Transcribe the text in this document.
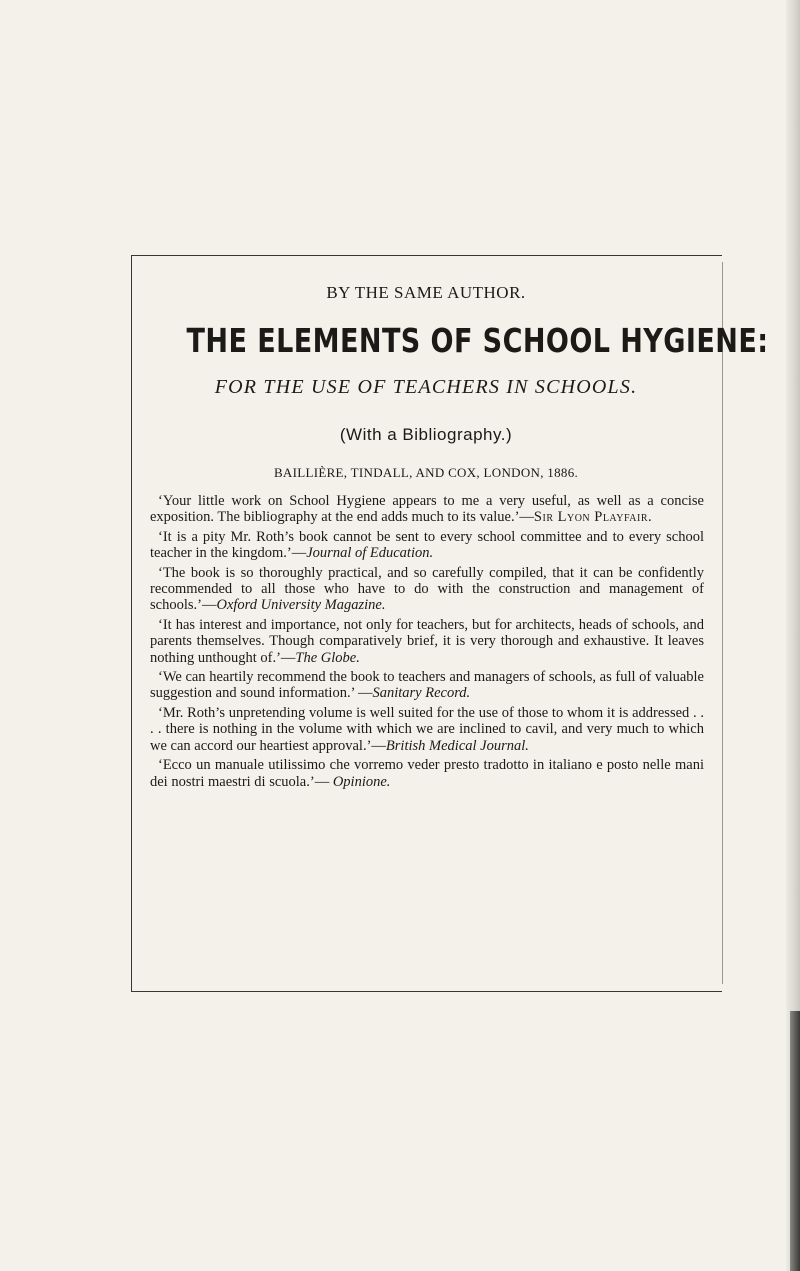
BY THE SAME AUTHOR.
THE ELEMENTS OF SCHOOL HYGIENE:
FOR THE USE OF TEACHERS IN SCHOOLS.
(With a Bibliography.)
BAILLIÈRE, TINDALL, AND COX, LONDON, 1886.

‘Your little work on School Hygiene appears to me a very useful, as well as a concise exposition. The bibliography at the end adds much to its value.’—Sir Lyon Playfair.

‘It is a pity Mr. Roth’s book cannot be sent to every school committee and to every school teacher in the kingdom.’—Journal of Education.

‘The book is so thoroughly practical, and so carefully compiled, that it can be confidently recommended to all those who have to do with the construction and management of schools.’—Oxford University Magazine.

‘It has interest and importance, not only for teachers, but for architects, heads of schools, and parents themselves. Though comparatively brief, it is very thorough and exhaustive. It leaves nothing unthought of.’—The Globe.

‘We can heartily recommend the book to teachers and managers of schools, as full of valuable suggestion and sound information.’ —Sanitary Record.

‘Mr. Roth’s unpretending volume is well suited for the use of those to whom it is addressed . . . . there is nothing in the volume with which we are inclined to cavil, and very much to which we can accord our heartiest approval.’—British Medical Journal.

‘Ecco un manuale utilissimo che vorremo veder presto tradotto in italiano e posto nelle mani dei nostri maestri di scuola.’— Opinione.
